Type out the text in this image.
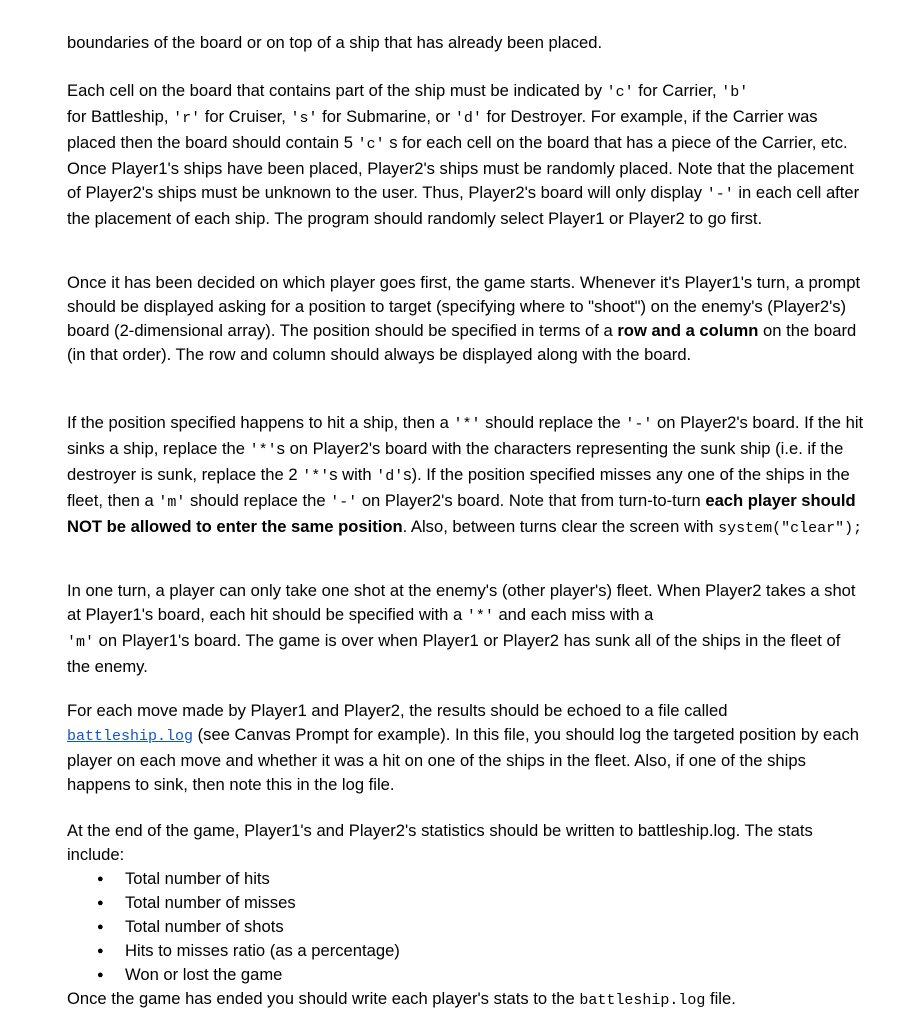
boundaries of the board or on top of a ship that has already been placed.

Each cell on the board that contains part of the ship must be indicated by 'c' for Carrier, 'b'
for Battleship, 'r' for Cruiser, 's' for Submarine, or 'd' for Destroyer. For example, if the Carrier was placed then the board should contain 5 'c' s for each cell on the board that has a piece of the Carrier, etc. Once Player1's ships have been placed, Player2's ships must be randomly placed. Note that the placement of Player2's ships must be unknown to the user. Thus, Player2's board will only display '-' in each cell after the placement of each ship. The program should randomly select Player1 or Player2 to go first.

Once it has been decided on which player goes first, the game starts. Whenever it's Player1's turn, a prompt should be displayed asking for a position to target (specifying where to "shoot") on the enemy's (Player2's) board (2-dimensional array). The position should be specified in terms of a row and a column on the board (in that order). The row and column should always be displayed along with the board.

If the position specified happens to hit a ship, then a '*' should replace the '-' on Player2's board. If the hit sinks a ship, replace the '*'s on Player2's board with the characters representing the sunk ship (i.e. if the destroyer is sunk, replace the 2 '*'s with 'd's). If the position specified misses any one of the ships in the fleet, then a 'm' should replace the '-' on Player2's board. Note that from turn-to-turn each player should NOT be allowed to enter the same position. Also, between turns clear the screen with system("clear");

In one turn, a player can only take one shot at the enemy's (other player's) fleet. When Player2 takes a shot at Player1's board, each hit should be specified with a '*' and each miss with a
'm' on Player1's board. The game is over when Player1 or Player2 has sunk all of the ships in the fleet of the enemy.

For each move made by Player1 and Player2, the results should be echoed to a file called
battleship.log (see Canvas Prompt for example). In this file, you should log the targeted position by each player on each move and whether it was a hit on one of the ships in the fleet. Also, if one of the ships happens to sink, then note this in the log file.

At the end of the game, Player1's and Player2's statistics should be written to battleship.log. The stats include:
● Total number of hits
● Total number of misses
● Total number of shots
● Hits to misses ratio (as a percentage)
● Won or lost the game
Once the game has ended you should write each player's stats to the battleship.log file.
